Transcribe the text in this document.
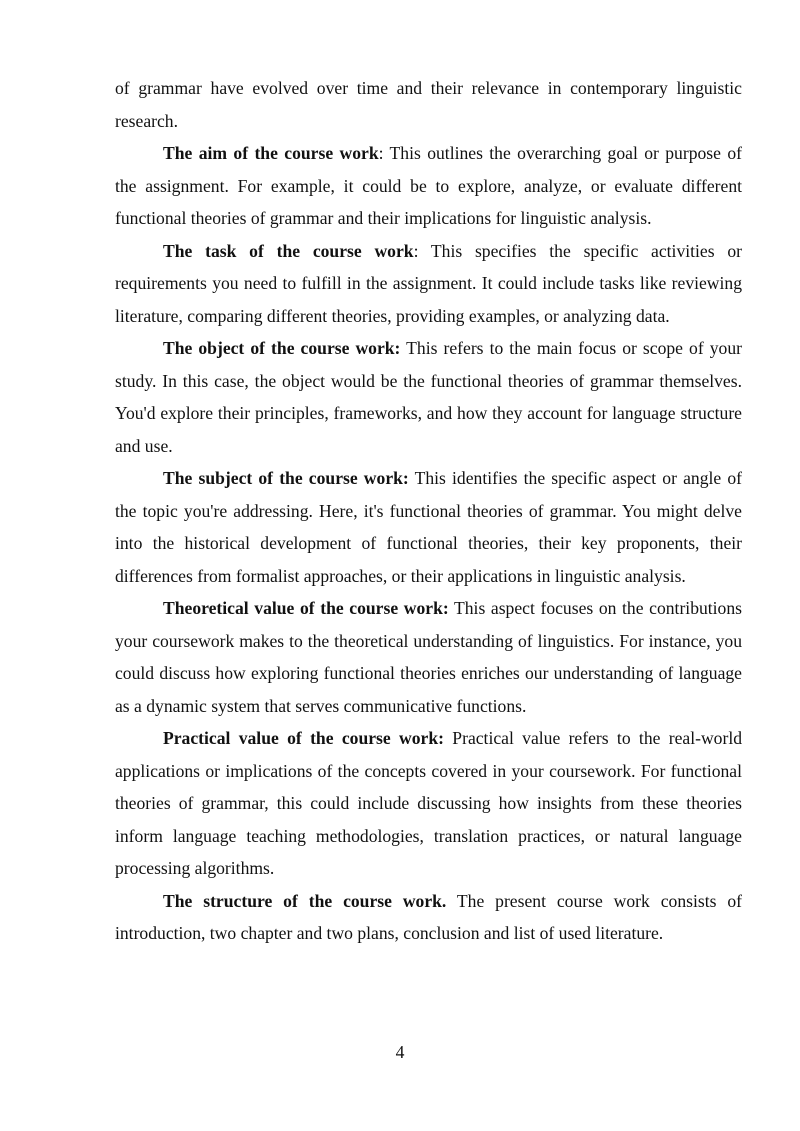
of grammar have evolved over time and their relevance in contemporary linguistic research.

The aim of the course work: This outlines the overarching goal or purpose of the assignment. For example, it could be to explore, analyze, or evaluate different functional theories of grammar and their implications for linguistic analysis.

The task of the course work: This specifies the specific activities or requirements you need to fulfill in the assignment. It could include tasks like reviewing literature, comparing different theories, providing examples, or analyzing data.

The object of the course work: This refers to the main focus or scope of your study. In this case, the object would be the functional theories of grammar themselves. You'd explore their principles, frameworks, and how they account for language structure and use.

The subject of the course work: This identifies the specific aspect or angle of the topic you're addressing. Here, it's functional theories of grammar. You might delve into the historical development of functional theories, their key proponents, their differences from formalist approaches, or their applications in linguistic analysis.

Theoretical value of the course work: This aspect focuses on the contributions your coursework makes to the theoretical understanding of linguistics. For instance, you could discuss how exploring functional theories enriches our understanding of language as a dynamic system that serves communicative functions.

Practical value of the course work: Practical value refers to the real-world applications or implications of the concepts covered in your coursework. For functional theories of grammar, this could include discussing how insights from these theories inform language teaching methodologies, translation practices, or natural language processing algorithms.

The structure of the course work. The present course work consists of introduction, two chapter and two plans, conclusion and list of used literature.

4
